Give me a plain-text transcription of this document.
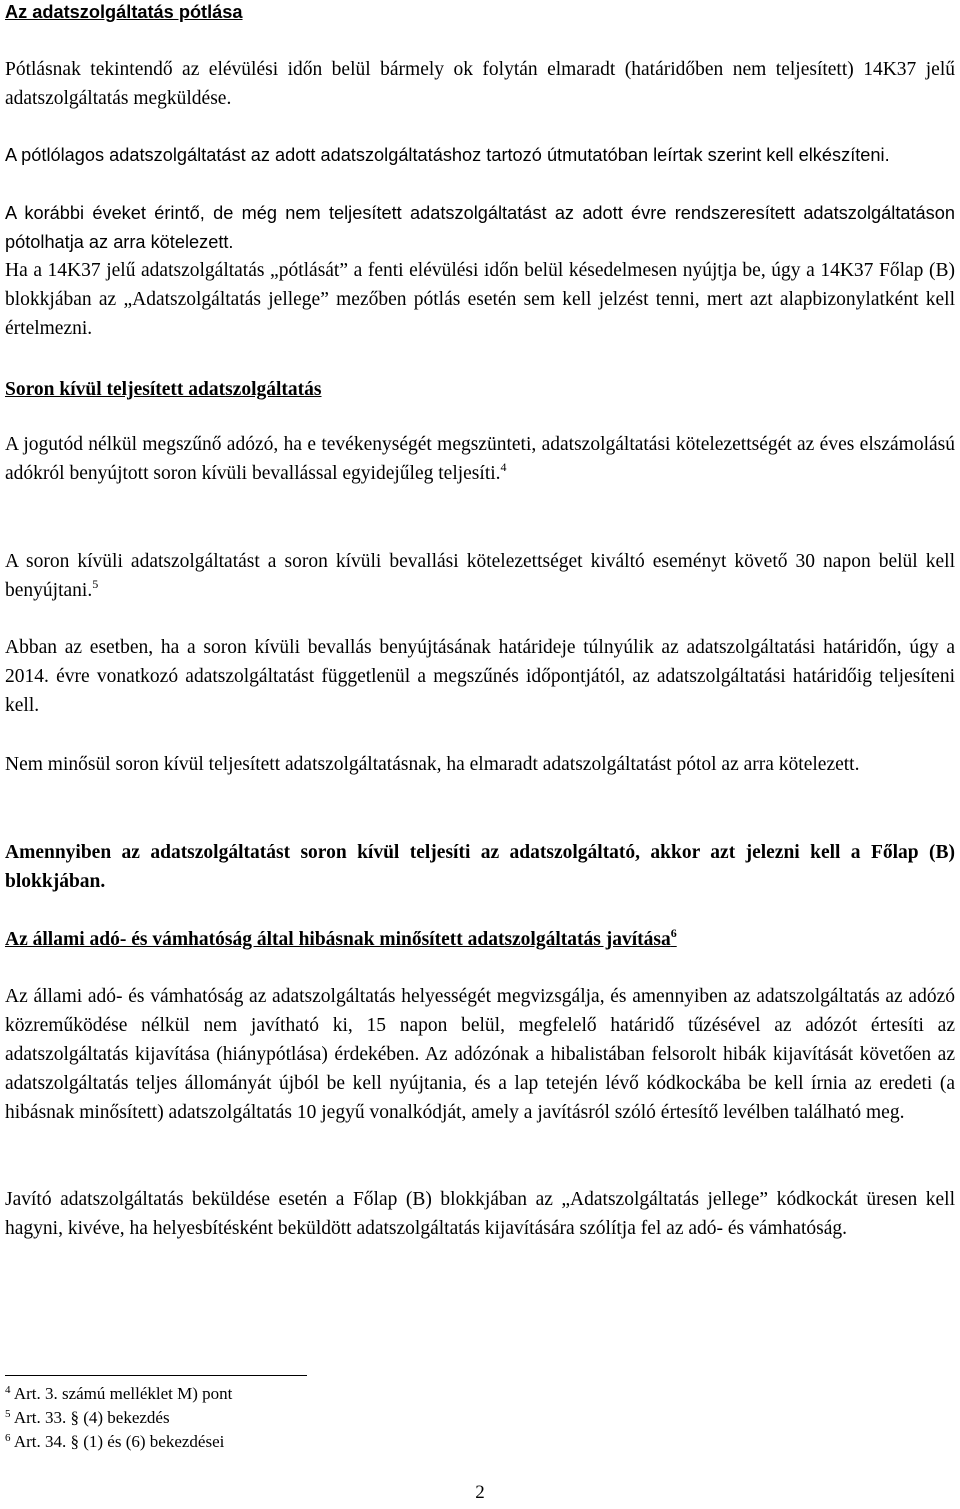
Az adatszolgáltatás pótlása

Pótlásnak tekintendő az elévülési időn belül bármely ok folytán elmaradt (határidőben nem teljesített) 14K37 jelű adatszolgáltatás megküldése.

A pótlólagos adatszolgáltatást az adott adatszolgáltatáshoz tartozó útmutatóban leírtak szerint kell elkészíteni.

A korábbi éveket érintő, de még nem teljesített adatszolgáltatást az adott évre rendszeresített adatszolgáltatáson pótolhatja az arra kötelezett.

Ha a 14K37 jelű adatszolgáltatás „pótlását” a fenti elévülési időn belül késedelmesen nyújtja be, úgy a 14K37 Főlap (B) blokkjában az „Adatszolgáltatás jellege” mezőben pótlás esetén sem kell jelzést tenni, mert azt alapbizonylatként kell értelmezni.

Soron kívül teljesített adatszolgáltatás

A jogutód nélkül megszűnő adózó, ha e tevékenységét megszünteti, adatszolgáltatási kötelezettségét az éves elszámolású adókról benyújtott soron kívüli bevallással egyidejűleg teljesíti.$^4$

A soron kívüli adatszolgáltatást a soron kívüli bevallási kötelezettséget kiváltó eseményt követő 30 napon belül kell benyújtani.$^5$

Abban az esetben, ha a soron kívüli bevallás benyújtásának határideje túlnyúlik az adatszolgáltatási határidőn, úgy a 2014. évre vonatkozó adatszolgáltatást függetlenül a megszűnés időpontjától, az adatszolgáltatási határidőig teljesíteni kell.

Nem minősül soron kívül teljesített adatszolgáltatásnak, ha elmaradt adatszolgáltatást pótol az arra kötelezett.

Amennyiben az adatszolgáltatást soron kívül teljesíti az adatszolgáltató, akkor azt jelezni kell a Főlap (B) blokkjában.

Az állami adó- és vámhatóság által hibásnak minősített adatszolgáltatás javítása$^6$

Az állami adó- és vámhatóság az adatszolgáltatás helyességét megvizsgálja, és amennyiben az adatszolgáltatás az adózó közreműködése nélkül nem javítható ki, 15 napon belül, megfelelő határidő tűzésével az adózót értesíti az adatszolgáltatás kijavítása (hiánypótlása) érdekében. Az adózónak a hibalistában felsorolt hibák kijavítását követően az adatszolgáltatás teljes állományát újból be kell nyújtania, és a lap tetején lévő kódkockába be kell írnia az eredeti (a hibásnak minősített) adatszolgáltatás 10 jegyű vonalkódját, amely a javításról szóló értesítő levélben található meg.

Javító adatszolgáltatás beküldése esetén a Főlap (B) blokkjában az „Adatszolgáltatás jellege” kódkockát üresen kell hagyni, kivéve, ha helyesbítésként beküldött adatszolgáltatás kijavítására szólítja fel az adó- és vámhatóság.

$^4$ Art. 3. számú melléklet M) pont

$^5$ Art. 33. § (4) bekezdés

$^6$ Art. 34. § (1) és (6) bekezdései

2
